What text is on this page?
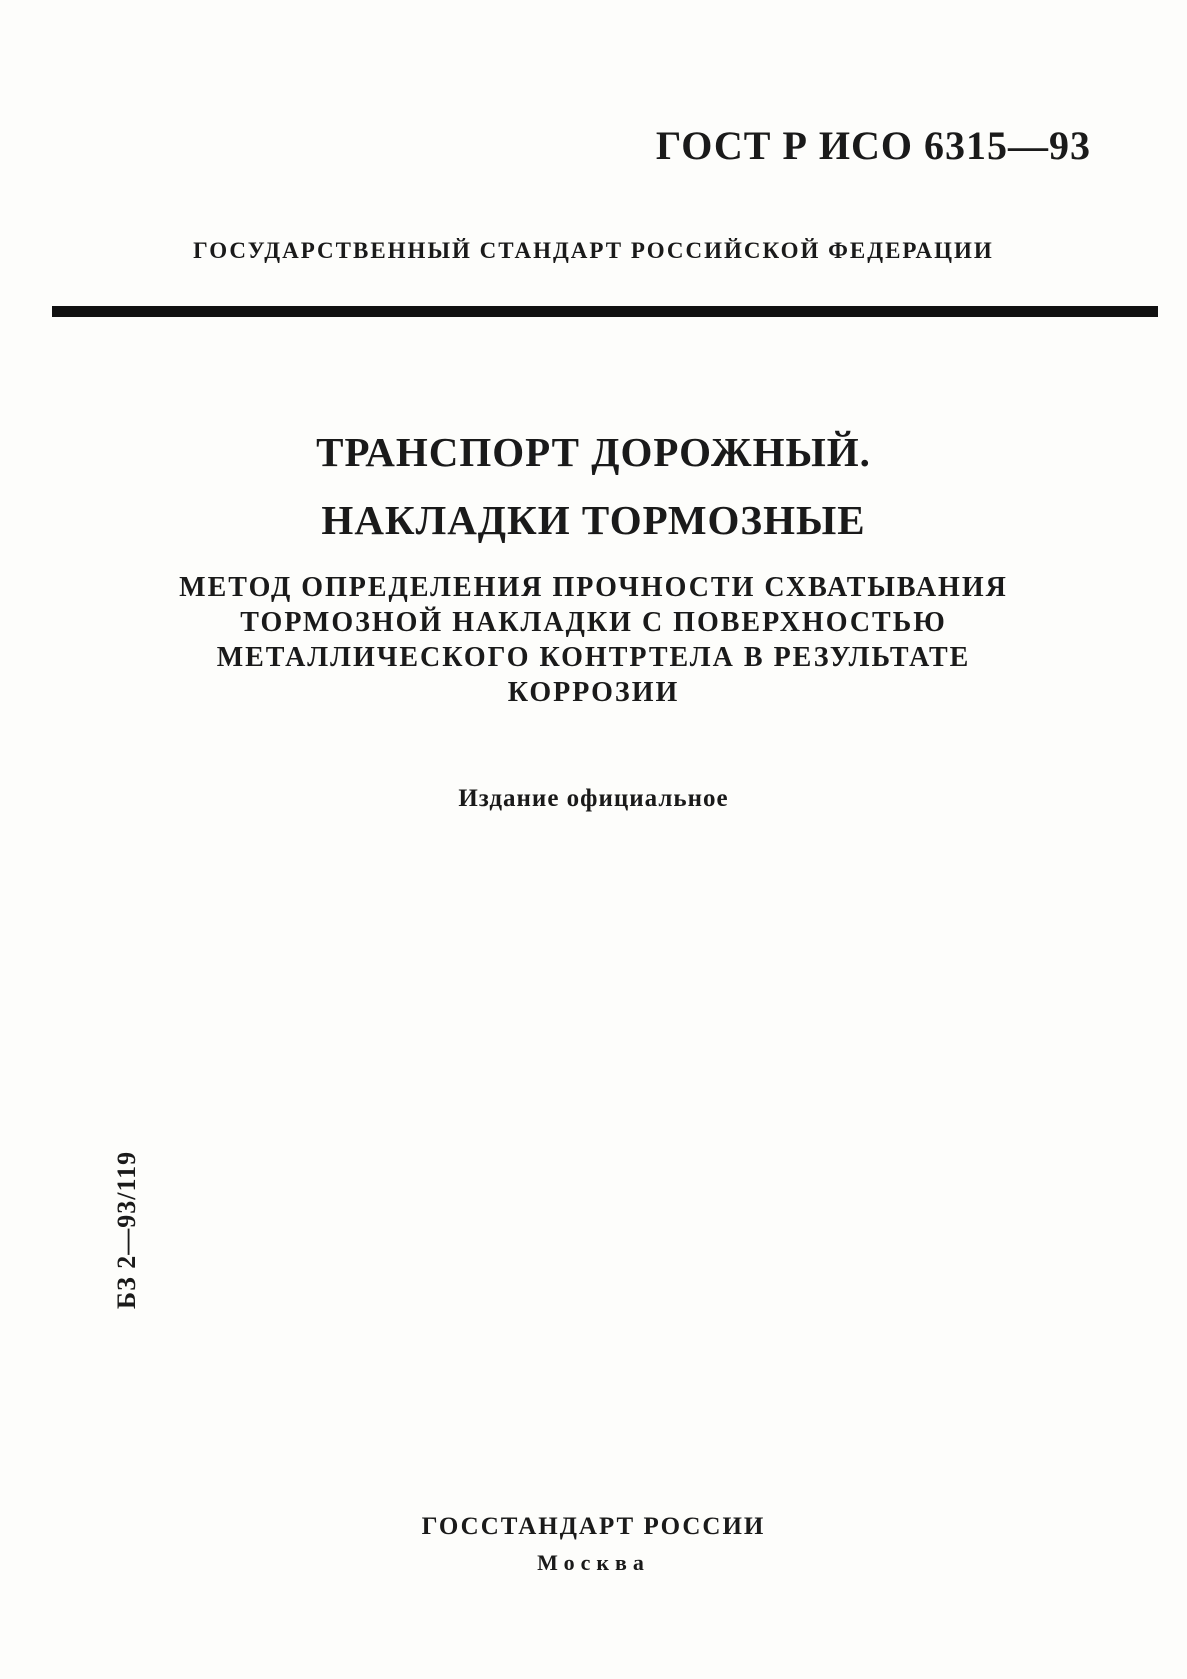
ГОСТ Р ИСО 6315—93
ГОСУДАРСТВЕННЫЙ СТАНДАРТ РОССИЙСКОЙ ФЕДЕРАЦИИ
ТРАНСПОРТ ДОРОЖНЫЙ.
НАКЛАДКИ ТОРМОЗНЫЕ
МЕТОД ОПРЕДЕЛЕНИЯ ПРОЧНОСТИ СХВАТЫВАНИЯ
ТОРМОЗНОЙ НАКЛАДКИ С ПОВЕРХНОСТЬЮ
МЕТАЛЛИЧЕСКОГО КОНТРТЕЛА В РЕЗУЛЬТАТЕ
КОРРОЗИИ
Издание официальное
БЗ 2—93/119
ГОССТАНДАРТ РОССИИ
Москва
